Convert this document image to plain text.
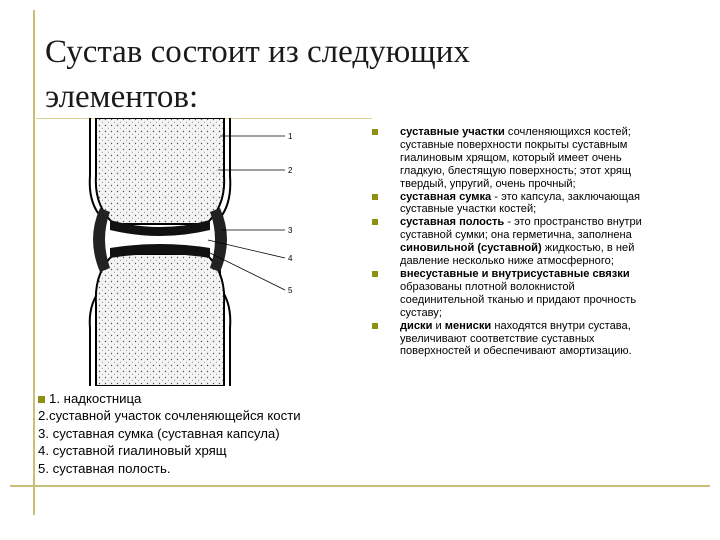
Сустав состоит из следующих
элементов:
1
2
3
4
5
1. надкостница
2.суставной участок сочленяющейся кости
3. суставная сумка (суставная капсула)
4. суставной гиалиновый хрящ
5. суставная полость.
суставные участки сочленяющихся костей; суставные поверхности покрыты суставным гиалиновым хрящом, который имеет очень гладкую, блестящую поверхность; этот хрящ твердый, упругий, очень прочный;
суставная сумка - это капсула, заключающая суставные участки костей;
суставная полость - это пространство внутри суставной сумки; она герметична, заполнена синовильной (суставной) жидкостью, в ней давление несколько ниже атмосферного;
внесуставные и внутрисуставные связки образованы плотной волокнистой соединительной тканью и придают прочность суставу;
диски и мениски находятся внутри сустава, увеличивают соответствие суставных поверхностей и обеспечивают амортизацию.
